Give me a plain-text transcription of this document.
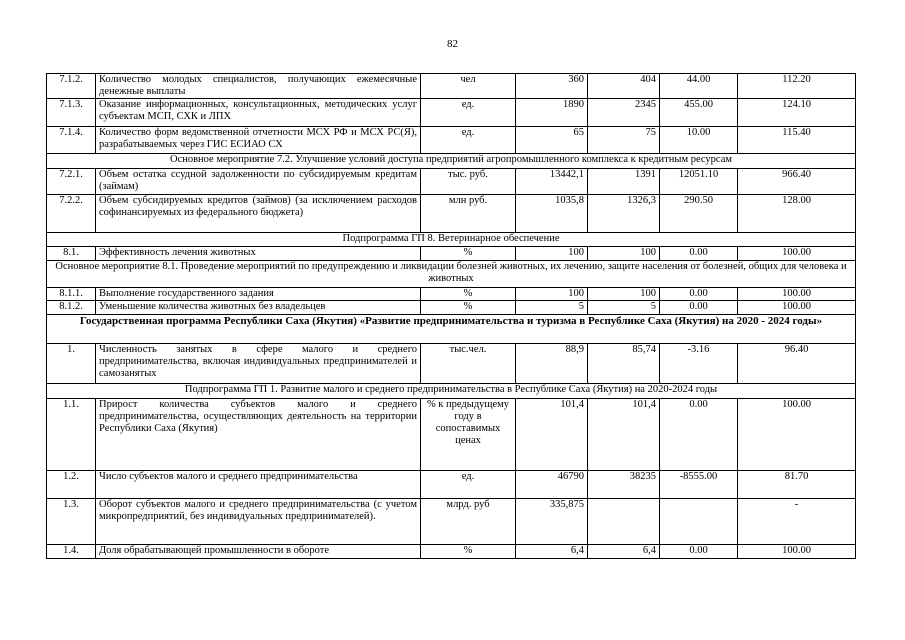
82
7.1.2.	Количество молодых специалистов, получающих ежемесячные денежные выплаты	чел	360	404	44.00	112.20
7.1.3.	Оказание информационных, консультационных, методических услуг субъектам МСП, СХК и ЛПХ	ед.	1890	2345	455.00	124.10
7.1.4.	Количество форм ведомственной отчетности МСХ РФ и МСХ РС(Я), разрабатываемых через ГИС ЕСИАО СХ	ед.	65	75	10.00	115.40
Основное мероприятие 7.2. Улучшение условий доступа предприятий агропромышленного комплекса к кредитным ресурсам						
7.2.1.	Объем остатка ссудной задолженности по субсидируемым кредитам (займам)	тыс. руб.	13442,1	1391	12051.10	966.40
7.2.2.	Объем субсидируемых кредитов (займов) (за исключением расходов софинансируемых из федерального бюджета)	млн руб.	1035,8	1326,3	290.50	128.00
Подпрограмма ГП 8. Ветеринарное обеспечение						
8.1.	Эффективность лечения животных	%	100	100	0.00	100.00
Основное мероприятие 8.1. Проведение мероприятий по предупреждению и ликвидации болезней животных, их лечению, защите населения от болезней, общих для человека и животных						
8.1.1.	Выполнение государственного задания	%	100	100	0.00	100.00
8.1.2.	Уменьшение количества животных без владельцев	%	5	5	0.00	100.00
Государственная программа Республики Саха (Якутия) «Развитие предпринимательства и туризма в Республике Саха (Якутия) на 2020 - 2024 годы»						
1.	Численность занятых в сфере малого и среднего предпринимательства, включая индивидуальных предпринимателей и самозанятых	тыс.чел.	88,9	85,74	-3.16	96.40
Подпрограмма ГП 1. Развитие малого и среднего предпринимательства в Республике Саха (Якутия) на 2020-2024 годы						
1.1.	Прирост количества субъектов малого и среднего предпринимательства, осуществляющих деятельность на территории Республики Саха (Якутия)	% к предыдущему году в сопоставимых ценах	101,4	101,4	0.00	100.00
1.2.	Число субъектов малого и среднего предпринимательства	ед.	46790	38235	-8555.00	81.70
1.3.	Оборот субъектов малого и среднего предпринимательства (с учетом микропредприятий, без индивидуальных предпринимателей).	млрд. руб	335,875			-
1.4.	Доля обрабатывающей промышленности в обороте	%	6,4	6,4	0.00	100.00
